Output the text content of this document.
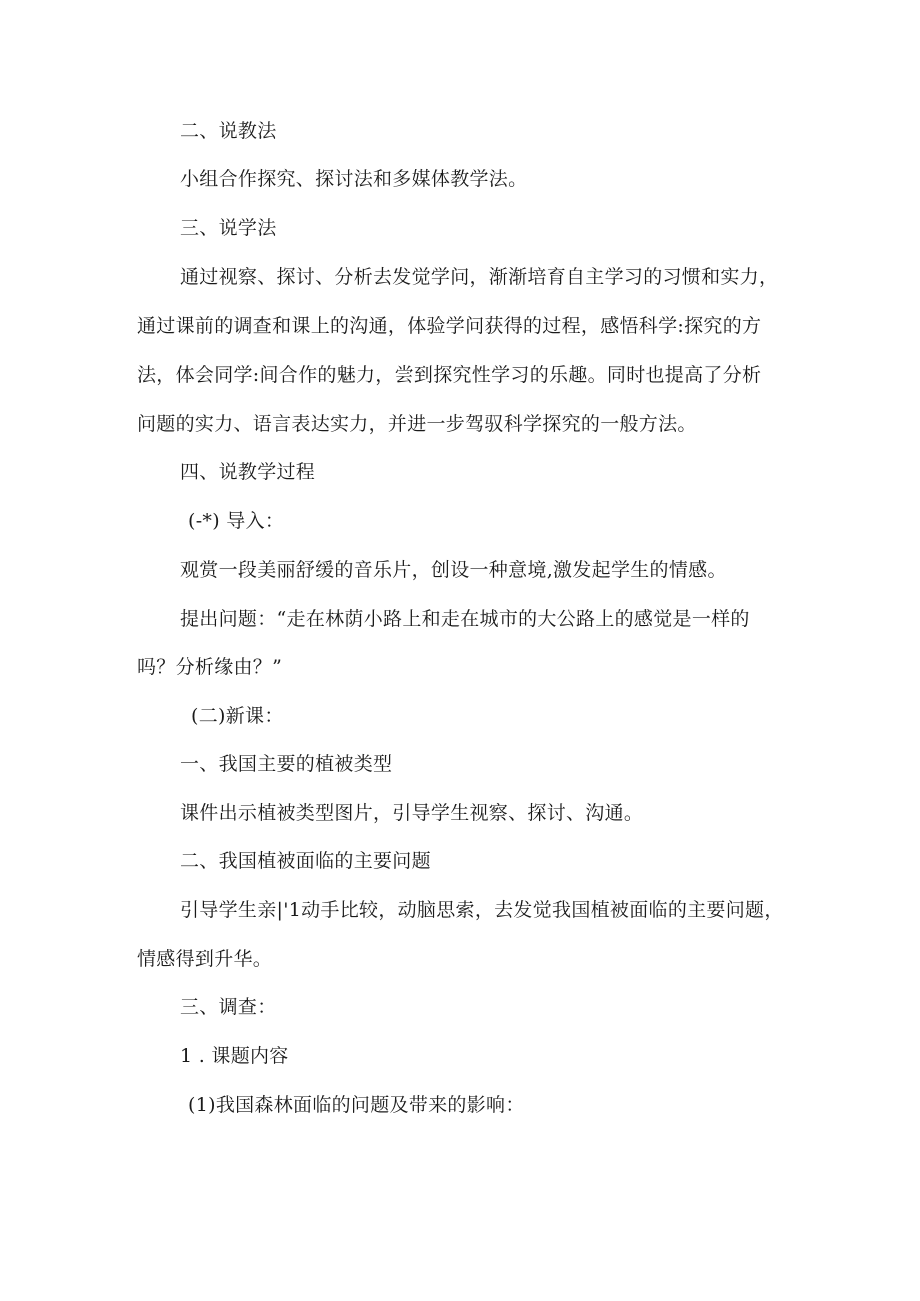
二、说教法
小组合作探究、探讨法和多媒体教学法。
三、说学法
通过视察、探讨、分析去发觉学问，渐渐培育自主学习的习惯和实力，
通过课前的调查和课上的沟通，体验学问获得的过程，感悟科学:探究的方
法，体会同学:间合作的魅力，尝到探究性学习的乐趣。同时也提高了分析
问题的实力、语言表达实力，并进一步驾驭科学探究的一般方法。
四、说教学过程
(-*) 导入：
观赏一段美丽舒缓的音乐片，创设一种意境,激发起学生的情感。
提出问题：“走在林荫小路上和走在城市的大公路上的感觉是一样的
吗？分析缘由？”
(二)新课：
一、我国主要的植被类型
课件出示植被类型图片，引导学生视察、探讨、沟通。
二、我国植被面临的主要问题
引导学生亲|'1动手比较，动脑思索，去发觉我国植被面临的主要问题，
情感得到升华。
三、调查：
1 . 课题内容
(1)我国森林面临的问题及带来的影响：
